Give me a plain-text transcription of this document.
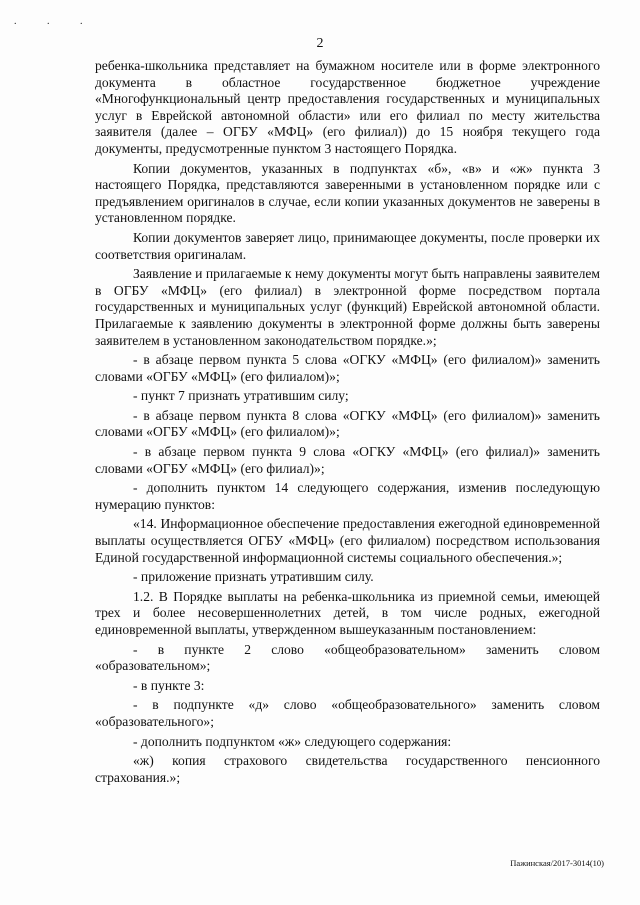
. . .
2

ребенка-школьника представляет на бумажном носителе или в форме электронного документа в областное государственное бюджетное учреждение «Многофункциональный центр предоставления государственных и муниципальных услуг в Еврейской автономной области» или его филиал по месту жительства заявителя (далее – ОГБУ «МФЦ» (его филиал)) до 15 ноября текущего года документы, предусмотренные пунктом 3 настоящего Порядка.

Копии документов, указанных в подпунктах «б», «в» и «ж» пункта 3 настоящего Порядка, представляются заверенными в установленном порядке или с предъявлением оригиналов в случае, если копии указанных документов не заверены в установленном порядке.

Копии документов заверяет лицо, принимающее документы, после проверки их соответствия оригиналам.

Заявление и прилагаемые к нему документы могут быть направлены заявителем в ОГБУ «МФЦ» (его филиал) в электронной форме посредством портала государственных и муниципальных услуг (функций) Еврейской автономной области. Прилагаемые к заявлению документы в электронной форме должны быть заверены заявителем в установленном законодательством порядке.»;

- в абзаце первом пункта 5 слова «ОГКУ «МФЦ» (его филиалом)» заменить словами «ОГБУ «МФЦ» (его филиалом)»;

- пункт 7 признать утратившим силу;

- в абзаце первом пункта 8 слова «ОГКУ «МФЦ» (его филиалом)» заменить словами «ОГБУ «МФЦ» (его филиалом)»;

- в абзаце первом пункта 9 слова «ОГКУ «МФЦ» (его филиал)» заменить словами «ОГБУ «МФЦ» (его филиал)»;

- дополнить пунктом 14 следующего содержания, изменив последующую нумерацию пунктов:

«14. Информационное обеспечение предоставления ежегодной единовременной выплаты осуществляется ОГБУ «МФЦ» (его филиалом) посредством использования Единой государственной информационной системы социального обеспечения.»;

- приложение признать утратившим силу.

1.2. В Порядке выплаты на ребенка-школьника из приемной семьи, имеющей трех и более несовершеннолетних детей, в том числе родных, ежегодной единовременной выплаты, утвержденном вышеуказанным постановлением:

- в пункте 2 слово «общеобразовательном» заменить словом «образовательном»;

- в пункте 3:

- в подпункте «д» слово «общеобразовательного» заменить словом «образовательного»;

- дополнить подпунктом «ж» следующего содержания:

«ж) копия страхового свидетельства государственного пенсионного страхования.»;

Пажинская/2017-3014(10)
